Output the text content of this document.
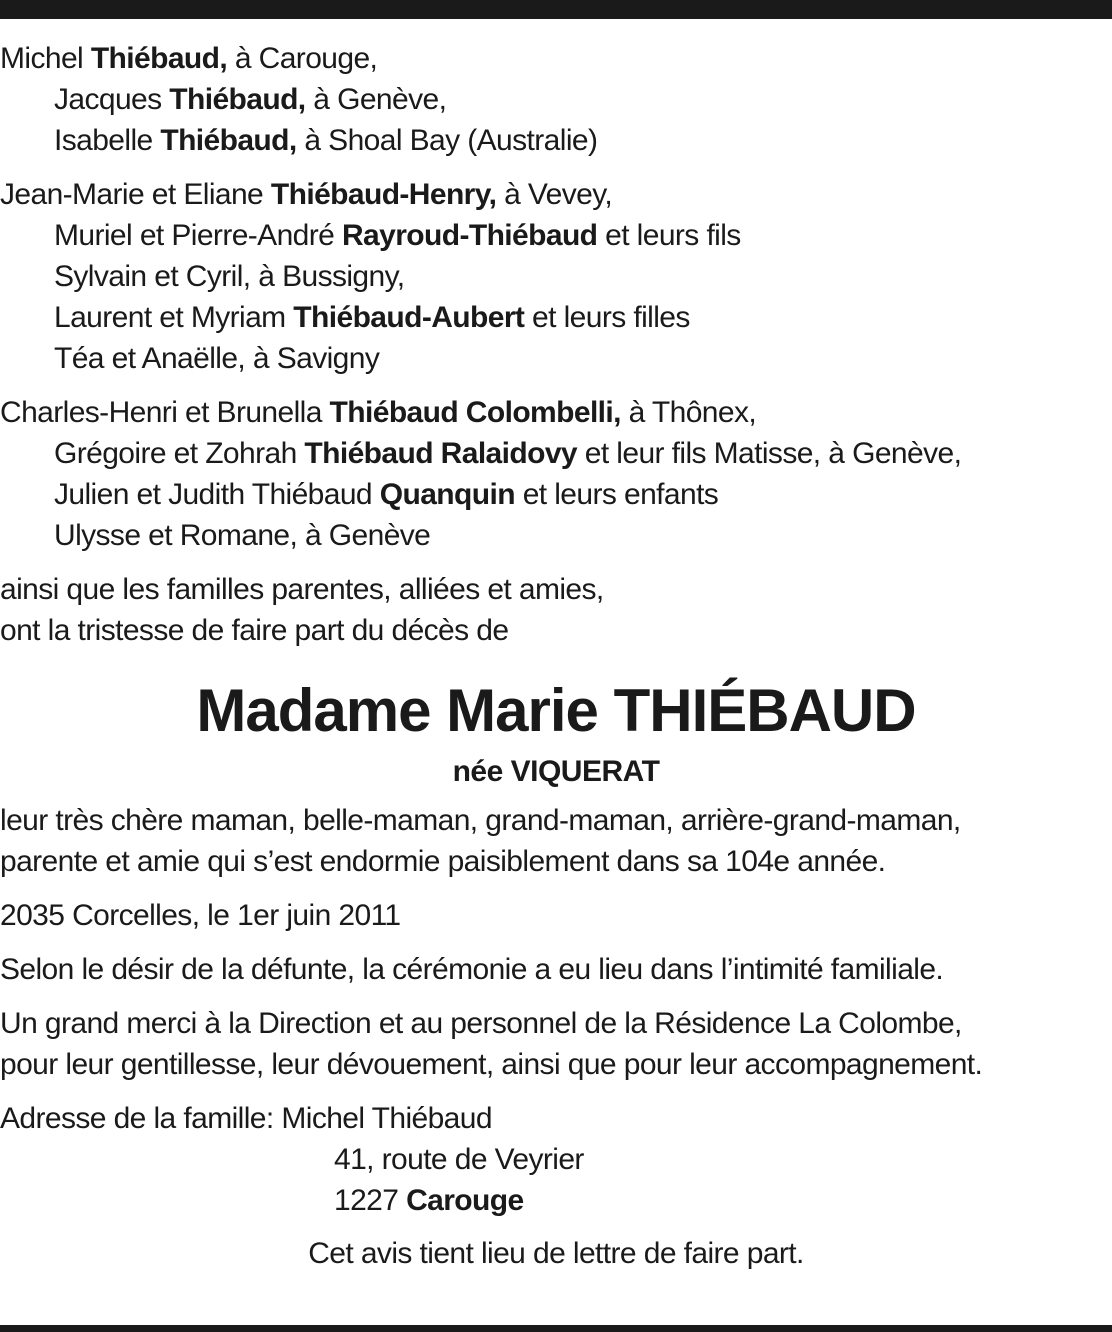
Michel Thiébaud, à Carouge,
Jacques Thiébaud, à Genève,
Isabelle Thiébaud, à Shoal Bay (Australie)
Jean-Marie et Eliane Thiébaud-Henry, à Vevey,
Muriel et Pierre-André Rayroud-Thiébaud et leurs fils
Sylvain et Cyril, à Bussigny,
Laurent et Myriam Thiébaud-Aubert et leurs filles
Téa et Anaëlle, à Savigny
Charles-Henri et Brunella Thiébaud Colombelli, à Thônex,
Grégoire et Zohrah Thiébaud Ralaidovy et leur fils Matisse, à Genève,
Julien et Judith Thiébaud Quanquin et leurs enfants
Ulysse et Romane, à Genève
ainsi que les familles parentes, alliées et amies,
ont la tristesse de faire part du décès de
Madame Marie THIÉBAUD
née VIQUERAT
leur très chère maman, belle-maman, grand-maman, arrière-grand-maman,
parente et amie qui s’est endormie paisiblement dans sa 104e année.
2035 Corcelles, le 1er juin 2011
Selon le désir de la défunte, la cérémonie a eu lieu dans l’intimité familiale.
Un grand merci à la Direction et au personnel de la Résidence La Colombe,
pour leur gentillesse, leur dévouement, ainsi que pour leur accompagnement.
Adresse de la famille: Michel Thiébaud
41, route de Veyrier
1227 Carouge
Cet avis tient lieu de lettre de faire part.
